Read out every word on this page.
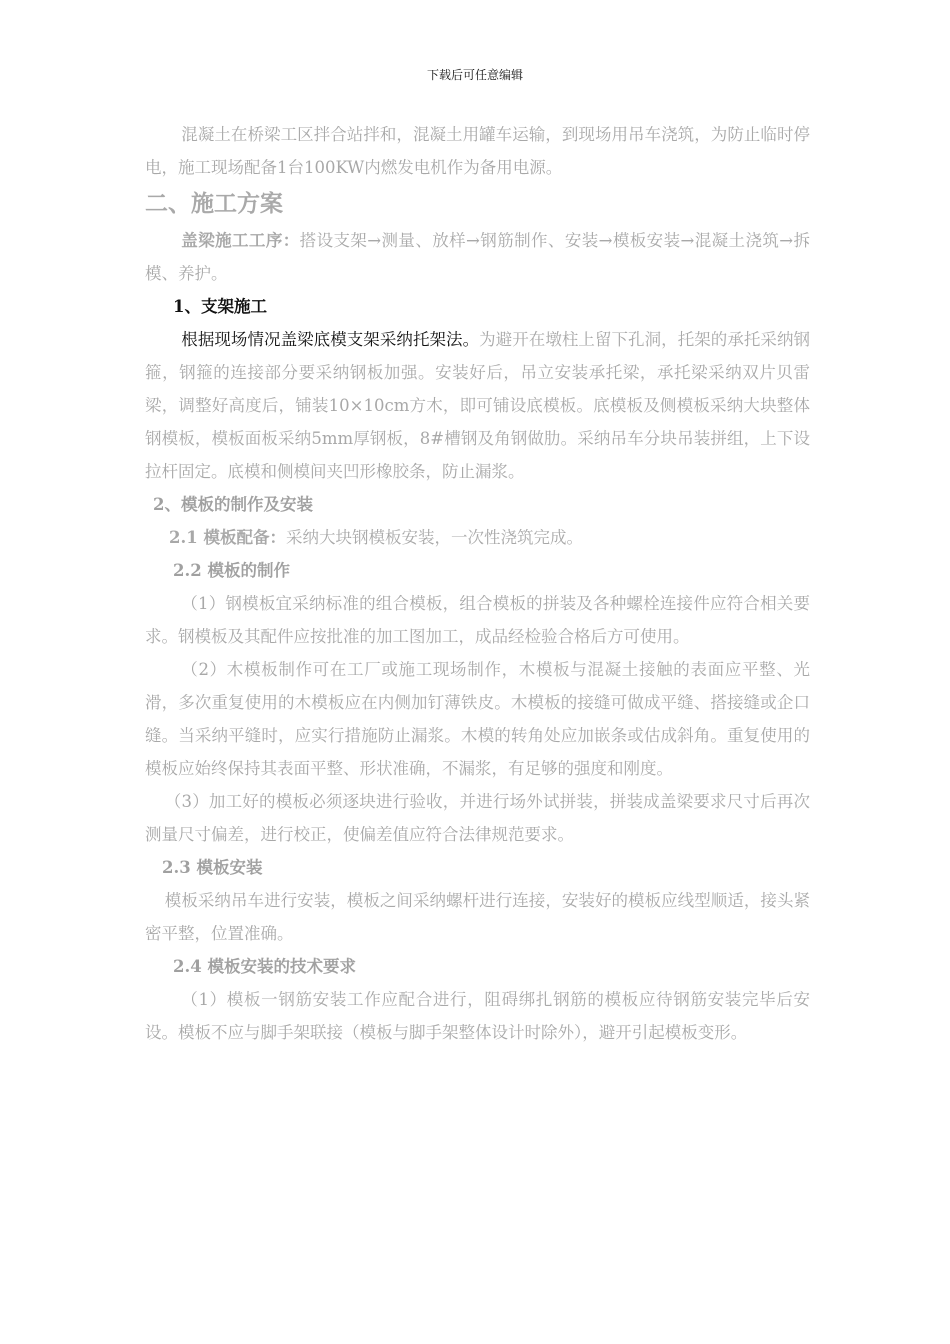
下载后可任意编辑

混凝土在桥梁工区拌合站拌和，混凝土用罐车运输，到现场用吊车浇筑，为防止临时停电，施工现场配备1台100KW内燃发电机作为备用电源。

二、施工方案

盖梁施工工序：搭设支架→测量、放样→钢筋制作、安装→模板安装→混凝土浇筑→拆模、养护。

1、支架施工

根据现场情况盖梁底模支架采纳托架法。为避开在墩柱上留下孔洞，托架的承托采纳钢箍，钢箍的连接部分要采纳钢板加强。安装好后，吊立安装承托梁，承托梁采纳双片贝雷梁，调整好高度后，铺装10×10cm方木，即可铺设底模板。底模板及侧模板采纳大块整体钢模板，模板面板采纳5mm厚钢板，8#槽钢及角钢做肋。采纳吊车分块吊装拼组，上下设拉杆固定。底模和侧模间夹凹形橡胶条，防止漏浆。

2、模板的制作及安装

2.1 模板配备：采纳大块钢模板安装，一次性浇筑完成。

2.2 模板的制作

（1）钢模板宜采纳标准的组合模板，组合模板的拼装及各种螺栓连接件应符合相关要求。钢模板及其配件应按批准的加工图加工，成品经检验合格后方可使用。

（2）木模板制作可在工厂或施工现场制作，木模板与混凝土接触的表面应平整、光滑，多次重复使用的木模板应在内侧加钉薄铁皮。木模板的接缝可做成平缝、搭接缝或企口缝。当采纳平缝时，应实行措施防止漏浆。木模的转角处应加嵌条或估成斜角。重复使用的模板应始终保持其表面平整、形状准确，不漏浆，有足够的强度和刚度。

（3）加工好的模板必须逐块进行验收，并进行场外试拼装，拼装成盖梁要求尺寸后再次测量尺寸偏差，进行校正，使偏差值应符合法律规范要求。

2.3 模板安装

模板采纳吊车进行安装，模板之间采纳螺杆进行连接，安装好的模板应线型顺适，接头紧密平整，位置准确。

2.4 模板安装的技术要求

（1）模板一钢筋安装工作应配合进行，阻碍绑扎钢筋的模板应待钢筋安装完毕后安设。模板不应与脚手架联接（模板与脚手架整体设计时除外），避开引起模板变形。
